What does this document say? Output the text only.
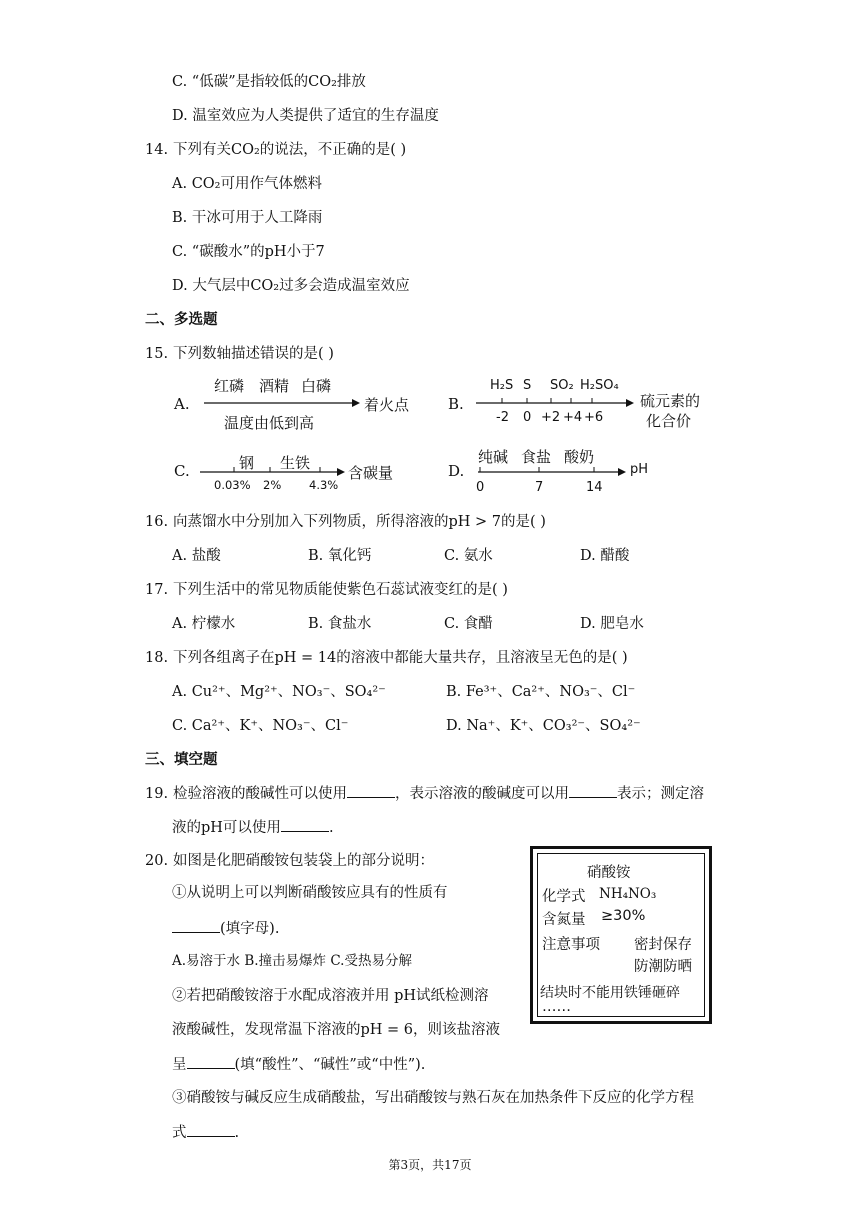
C. “低碳”是指较低的CO₂排放
D. 温室效应为人类提供了适宜的生存温度
14. 下列有关CO₂的说法，不正确的是( )
A. CO₂可用作气体燃料
B. 干冰可用于人工降雨
C. “碳酸水”的pH小于7
D. 大气层中CO₂过多会造成温室效应
二、多选题
15. 下列数轴描述错误的是( )
A.
红磷 酒精 白磷
温度由低到高
着火点	B.
H₂S S SO₂ H₂SO₄
-2 0 +2 +4 +6
硫元素的
化合价
C.	钢 生铁
0.03% 2% 4.3%
含碳量	D.
纯碱 食盐 酸奶
0	7	14
pH
16. 向蒸馏水中分别加入下列物质，所得溶液的pH > 7的是( )
A. 盐酸	B. 氧化钙	C. 氨水	D. 醋酸
17. 下列生活中的常见物质能使紫色石蕊试液变红的是( )
A. 柠檬水	B. 食盐水	C. 食醋	D. 肥皂水
18. 下列各组离子在pH = 14的溶液中都能大量共存，且溶液呈无色的是( )
A. Cu²⁺、Mg²⁺、NO₃⁻、SO₄²⁻	B. Fe³⁺、Ca²⁺、NO₃⁻、Cl⁻
C. Ca²⁺、K⁺、NO₃⁻、Cl⁻	D. Na⁺、K⁺、CO₃²⁻、SO₄²⁻
三、填空题
19. 检验溶液的酸碱性可以使用	，表示溶液的酸碱度可以用	表示；测定溶
液的pH可以使用	.
20. 如图是化肥硝酸铵包装袋上的部分说明：
①从说明上可以判断硝酸铵应具有的性质有
(填字母).
A.易溶于水 B.撞击易爆炸 C.受热易分解
②若把硝酸铵溶于水配成溶液并用 pH试纸检测溶
液酸碱性，发现常温下溶液的pH = 6，则该盐溶液
呈	(填“酸性”、“碱性”或“中性”).
③硝酸铵与碱反应生成硝酸盐，写出硝酸铵与熟石灰在加热条件下反应的化学方程
式	.
硝酸铵
化学式 NH₄NO₃
含氮量 ≥30%
注意事项 密封保存
防潮防晒
结块时不能用铁锤砸碎
……
第3页，共17页
